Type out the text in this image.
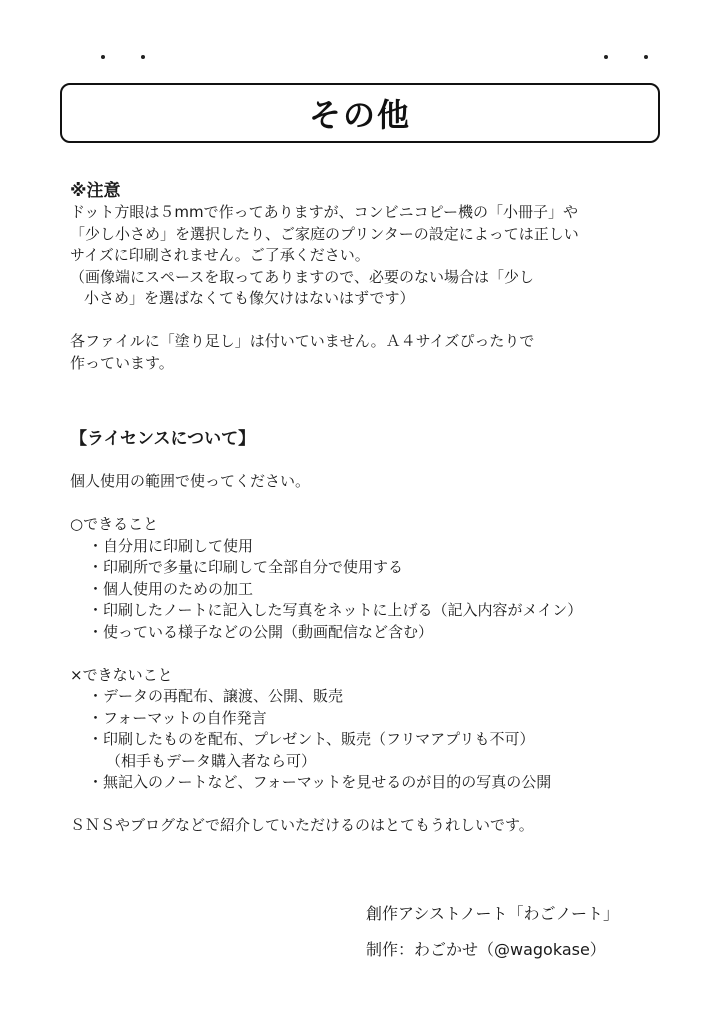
その他

※注意

ドット方眼は５mmで作ってありますが、コンビニコピー機の「小冊子」や

「少し小さめ」を選択したり、ご家庭のプリンターの設定によっては正しい

サイズに印刷されません。ご了承ください。

（画像端にスペースを取ってありますので、必要のない場合は「少し

小さめ」を選ばなくても像欠けはないはずです）

各ファイルに「塗り足し」は付いていません。Ａ４サイズぴったりで

作っています。

【ライセンスについて】

個人使用の範囲で使ってください。

○できること

・自分用に印刷して使用

・印刷所で多量に印刷して全部自分で使用する

・個人使用のための加工

・印刷したノートに記入した写真をネットに上げる（記入内容がメイン）

・使っている様子などの公開（動画配信など含む）

×できないこと

・データの再配布、譲渡、公開、販売

・フォーマットの自作発言

・印刷したものを配布、プレゼント、販売（フリマアプリも不可）

（相手もデータ購入者なら可）

・無記入のノートなど、フォーマットを見せるのが目的の写真の公開

ＳＮＳやブログなどで紹介していただけるのはとてもうれしいです。

創作アシストノート「わごノート」

制作：わごかせ（@wagokase）
